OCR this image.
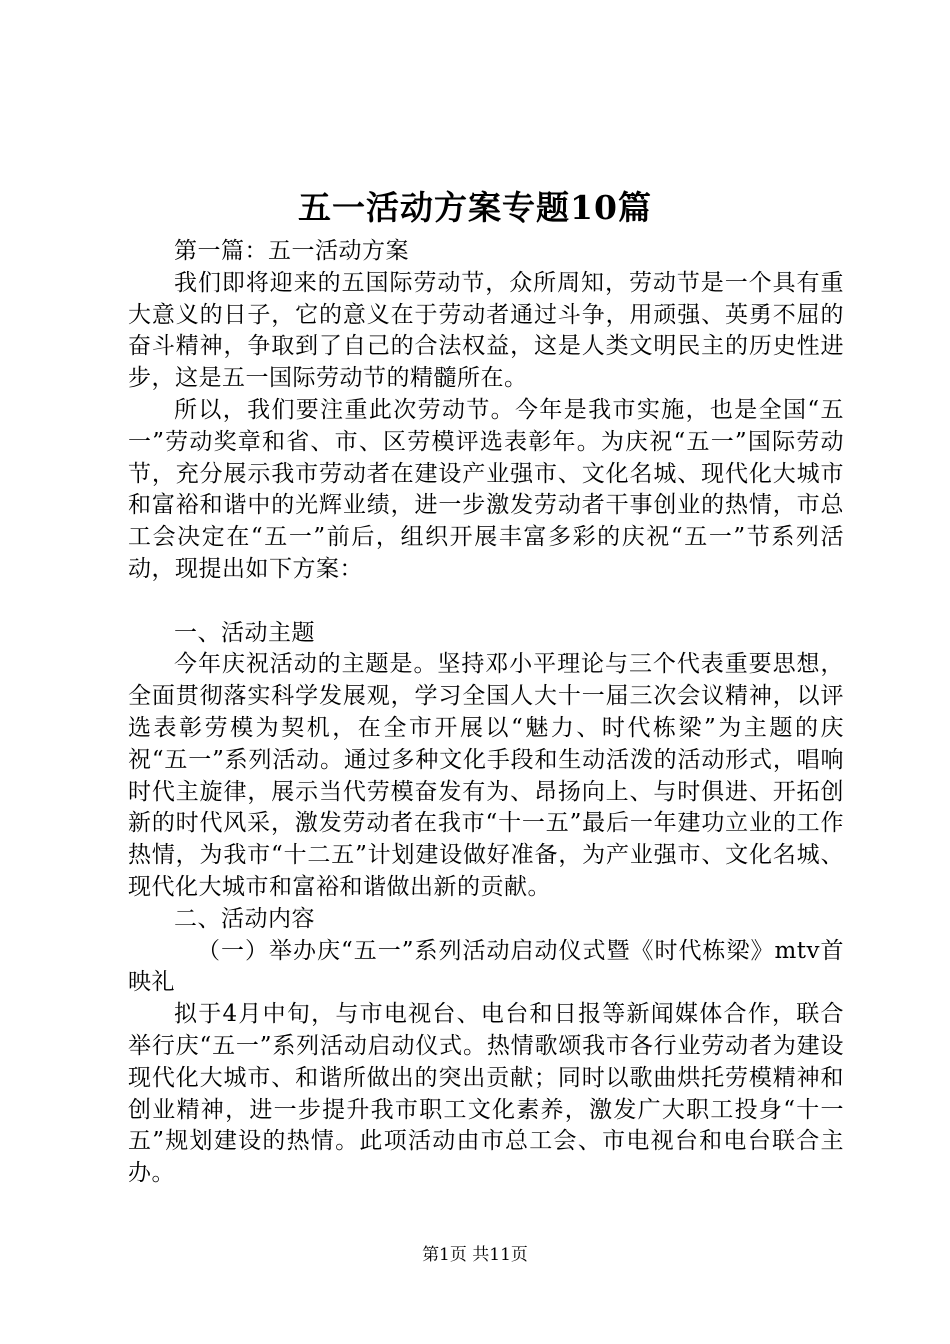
五一活动方案专题10篇

第一篇：五一活动方案

我们即将迎来的五国际劳动节，众所周知，劳动节是一个具有重大意义的日子，它的意义在于劳动者通过斗争，用顽强、英勇不屈的奋斗精神，争取到了自己的合法权益，这是人类文明民主的历史性进步，这是五一国际劳动节的精髓所在。

所以，我们要注重此次劳动节。今年是我市实施，也是全国“五一”劳动奖章和省、市、区劳模评选表彰年。为庆祝“五一”国际劳动节，充分展示我市劳动者在建设产业强市、文化名城、现代化大城市和富裕和谐中的光辉业绩，进一步激发劳动者干事创业的热情，市总工会决定在“五一”前后，组织开展丰富多彩的庆祝“五一”节系列活动，现提出如下方案：

一、活动主题

今年庆祝活动的主题是。坚持邓小平理论与三个代表重要思想，全面贯彻落实科学发展观，学习全国人大十一届三次会议精神，以评选表彰劳模为契机，在全市开展以“魅力、时代栋梁”为主题的庆祝“五一”系列活动。通过多种文化手段和生动活泼的活动形式，唱响时代主旋律，展示当代劳模奋发有为、昂扬向上、与时俱进、开拓创新的时代风采，激发劳动者在我市“十一五”最后一年建功立业的工作热情，为我市“十二五”计划建设做好准备，为产业强市、文化名城、现代化大城市和富裕和谐做出新的贡献。

二、活动内容

（一）举办庆“五一”系列活动启动仪式暨《时代栋梁》mtv首映礼

拟于4月中旬，与市电视台、电台和日报等新闻媒体合作，联合举行庆“五一”系列活动启动仪式。热情歌颂我市各行业劳动者为建设现代化大城市、和谐所做出的突出贡献；同时以歌曲烘托劳模精神和创业精神，进一步提升我市职工文化素养，激发广大职工投身“十一五”规划建设的热情。此项活动由市总工会、市电视台和电台联合主办。

第1页 共11页
